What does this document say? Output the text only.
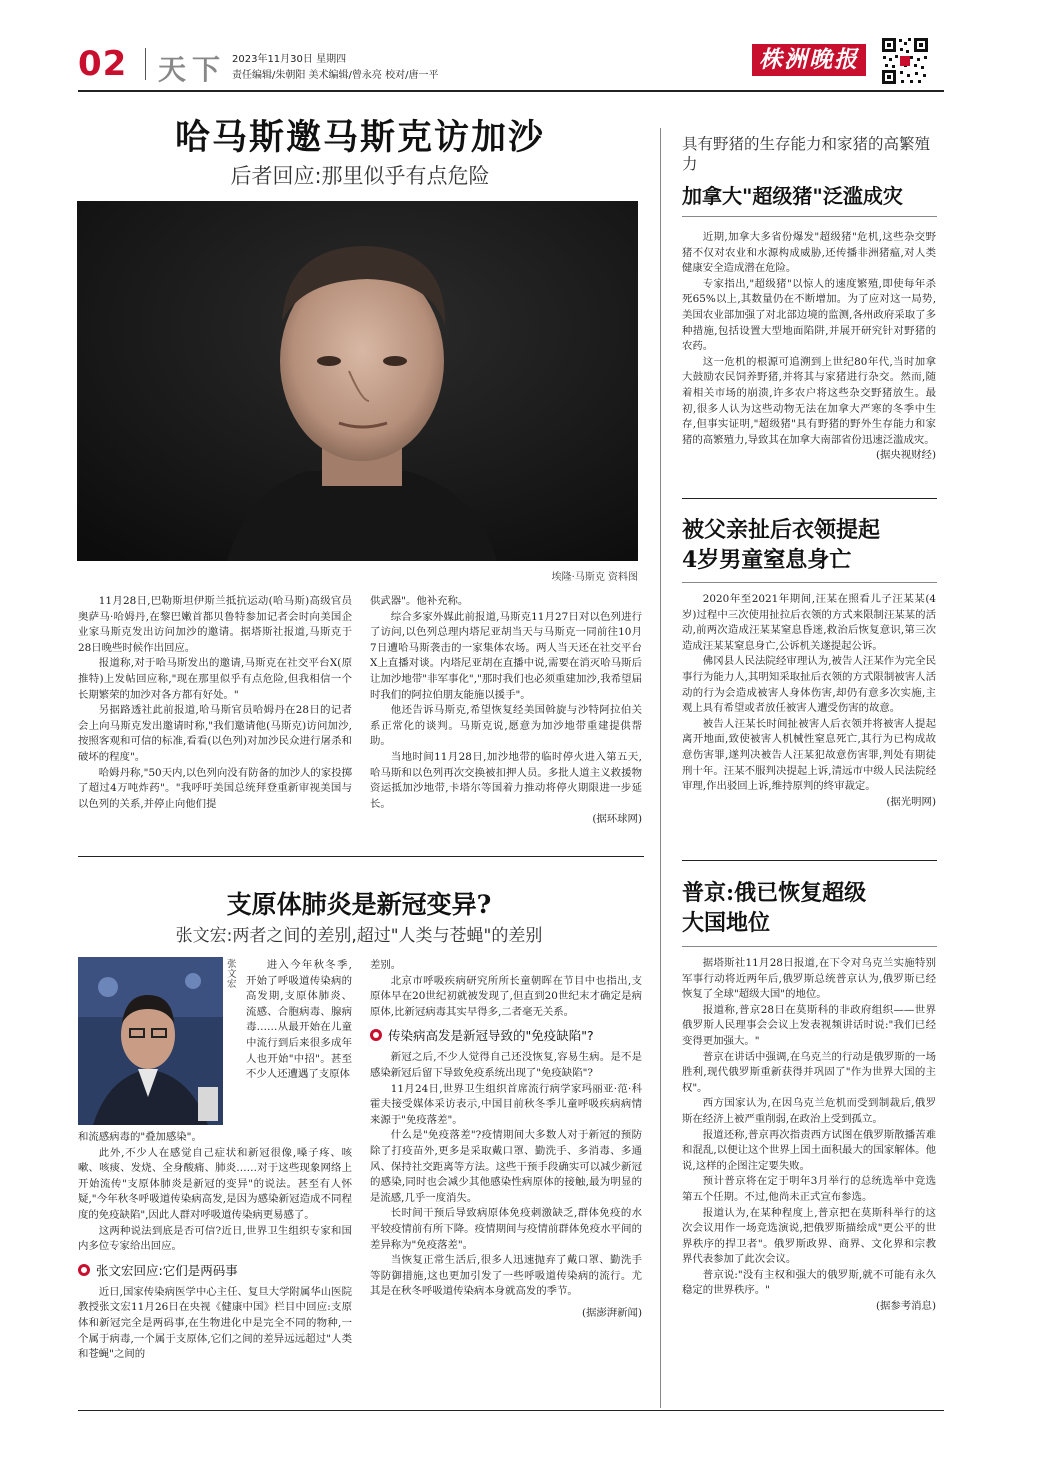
02 天下 2023年11月30日 星期四
责任编辑/朱朝阳 美术编辑/曾永亮 校对/唐一平
株洲晚报
哈马斯邀马斯克访加沙
后者回应:那里似乎有点危险
埃隆·马斯克 资料图

11月28日,巴勒斯坦伊斯兰抵抗运动(哈马斯)高级官员奥萨马·哈姆丹,在黎巴嫩首都贝鲁特参加记者会时向美国企业家马斯克发出访问加沙的邀请。据塔斯社报道,马斯克于28日晚些时候作出回应。

报道称,对于哈马斯发出的邀请,马斯克在社交平台X(原推特)上发帖回应称,"现在那里似乎有点危险,但我相信一个长期繁荣的加沙对各方都有好处。"

另据路透社此前报道,哈马斯官员哈姆丹在28日的记者会上向马斯克发出邀请时称,"我们邀请他(马斯克)访问加沙,按照客观和可信的标准,看看(以色列)对加沙民众进行屠杀和破坏的程度"。

哈姆丹称,"50天内,以色列向没有防备的加沙人的家投掷了超过4万吨炸药"。"我呼吁美国总统拜登重新审视美国与以色列的关系,并停止向他们提

供武器"。他补充称。

综合多家外媒此前报道,马斯克11月27日对以色列进行了访问,以色列总理内塔尼亚胡当天与马斯克一同前往10月7日遭哈马斯袭击的一家集体农场。两人当天还在社交平台X上直播对谈。内塔尼亚胡在直播中说,需要在消灭哈马斯后让加沙地带"非军事化","那时我们也必须重建加沙,我希望届时我们的阿拉伯朋友能施以援手"。

他还告诉马斯克,希望恢复经美国斡旋与沙特阿拉伯关系正常化的谈判。马斯克说,愿意为加沙地带重建提供帮助。

当地时间11月28日,加沙地带的临时停火进入第五天,哈马斯和以色列再次交换被扣押人员。多批人道主义救援物资运抵加沙地带,卡塔尔等国着力推动将停火期限进一步延长。

(据环球网)
支原体肺炎是新冠变异?
张文宏:两者之间的差别,超过"人类与苍蝇"的差别
张文宏

进入今年秋冬季,开始了呼吸道传染病的高发期,支原体肺炎、流感、合胞病毒、腺病毒……从最开始在儿童中流行到后来很多成年人也开始"中招"。甚至不少人还遭遇了支原体

和流感病毒的"叠加感染"。

此外,不少人在感觉自己症状和新冠很像,嗓子疼、咳嗽、咳痰、发烧、全身酸痛、肺炎……对于这些现象网络上开始流传"支原体肺炎是新冠的变异"的说法。甚至有人怀疑,"今年秋冬呼吸道传染病高发,是因为感染新冠造成不同程度的免疫缺陷",因此人群对呼吸道传染病更易感了。

这两种说法到底是否可信?近日,世界卫生组织专家和国内多位专家给出回应。

张文宏回应:它们是两码事

近日,国家传染病医学中心主任、复旦大学附属华山医院教授张文宏11月26日在央视《健康中国》栏目中回应:支原体和新冠完全是两码事,在生物进化中是完全不同的物种,一个属于病毒,一个属于支原体,它们之间的差异远远超过"人类和苍蝇"之间的

差别。

北京市呼吸疾病研究所所长童朝晖在节目中也指出,支原体早在20世纪初就被发现了,但直到20世纪末才确定是病原体,比新冠病毒其实早得多,二者毫无关系。

传染病高发是新冠导致的"免疫缺陷"?

新冠之后,不少人觉得自己还没恢复,容易生病。是不是感染新冠后留下导致免疫系统出现了"免疫缺陷"?

11月24日,世界卫生组织首席流行病学家玛丽亚·范·科霍夫接受媒体采访表示,中国目前秋冬季儿童呼吸疾病病情来源于"免疫落差"。

什么是"免疫落差"?疫情期间大多数人对于新冠的预防除了打疫苗外,更多是采取戴口罩、勤洗手、多消毒、多通风、保持社交距离等方法。这些干预手段确实可以减少新冠的感染,同时也会减少其他感染性病原体的接触,最为明显的是流感,几乎一度消失。

长时间干预后导致病原体免疫刺激缺乏,群体免疫的水平较疫情前有所下降。疫情期间与疫情前群体免疫水平间的差异称为"免疫落差"。

当恢复正常生活后,很多人迅速抛弃了戴口罩、勤洗手等防御措施,这也更加引发了一些呼吸道传染病的流行。尤其是在秋冬呼吸道传染病本身就高发的季节。

(据澎湃新闻)
具有野猪的生存能力和家猪的高繁殖力
加拿大"超级猪"泛滥成灾

近期,加拿大多省份爆发"超级猪"危机,这些杂交野猪不仅对农业和水源构成威胁,还传播非洲猪瘟,对人类健康安全造成潜在危险。

专家指出,"超级猪"以惊人的速度繁殖,即使每年杀死65%以上,其数量仍在不断增加。为了应对这一局势,美国农业部加强了对北部边境的监测,各州政府采取了多种措施,包括设置大型地面陷阱,并展开研究针对野猪的农药。

这一危机的根源可追溯到上世纪80年代,当时加拿大鼓励农民饲养野猪,并将其与家猪进行杂交。然而,随着相关市场的崩溃,许多农户将这些杂交野猪放生。最初,很多人认为这些动物无法在加拿大严寒的冬季中生存,但事实证明,"超级猪"具有野猪的野外生存能力和家猪的高繁殖力,导致其在加拿大南部省份迅速泛滥成灾。

(据央视财经)
被父亲扯后衣领提起
4岁男童窒息身亡

2020年至2021年期间,汪某在照看儿子汪某某(4岁)过程中三次使用扯拉后衣领的方式来限制汪某某的活动,前两次造成汪某某窒息昏迷,救治后恢复意识,第三次造成汪某某窒息身亡,公诉机关遂提起公诉。

佛冈县人民法院经审理认为,被告人汪某作为完全民事行为能力人,其明知采取扯后衣领的方式限制被害人活动的行为会造成被害人身体伤害,却仍有意多次实施,主观上具有希望或者放任被害人遭受伤害的故意。

被告人汪某长时间扯被害人后衣领并将被害人提起离开地面,致使被害人机械性窒息死亡,其行为已构成故意伤害罪,遂判决被告人汪某犯故意伤害罪,判处有期徒刑十年。汪某不服判决提起上诉,清远市中级人民法院经审理,作出驳回上诉,维持原判的终审裁定。

(据光明网)
普京:俄已恢复超级
大国地位

据塔斯社11月28日报道,在下令对乌克兰实施特别军事行动将近两年后,俄罗斯总统普京认为,俄罗斯已经恢复了全球"超级大国"的地位。

报道称,普京28日在莫斯科的非政府组织——世界俄罗斯人民理事会会议上发表视频讲话时说:"我们已经变得更加强大。"

普京在讲话中强调,在乌克兰的行动是俄罗斯的一场胜利,现代俄罗斯重新获得并巩固了"作为世界大国的主权"。

西方国家认为,在因乌克兰危机而受到制裁后,俄罗斯在经济上被严重削弱,在政治上受到孤立。

报道还称,普京再次指责西方试图在俄罗斯散播苦难和混乱,以便让这个世界上国土面积最大的国家解体。他说,这样的企图注定要失败。

预计普京将在定于明年3月举行的总统选举中竞选第五个任期。不过,他尚未正式宣布参选。

报道认为,在某种程度上,普京把在莫斯科举行的这次会议用作一场竞选演说,把俄罗斯描绘成"更公平的世界秩序的捍卫者"。俄罗斯政界、商界、文化界和宗教界代表参加了此次会议。

普京说:"没有主权和强大的俄罗斯,就不可能有永久稳定的世界秩序。"

(据参考消息)
